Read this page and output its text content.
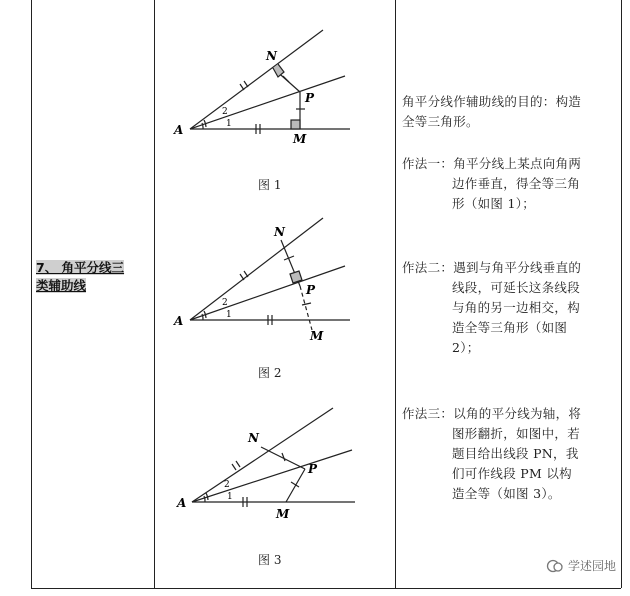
7、 角平分线三
类辅助线
A
N
P
M
1
2
图 1
A
N
P
M
1
2
图 2
A
N
P
M
1
2
图 3
角平分线作辅助线的目的：构造
全等三角形。
作法一：角平分线上某点向角两
边作垂直，得全等三角
形（如图 1）；
作法二：遇到与角平分线垂直的
线段，可延长这条线段
与角的另一边相交，构
造全等三角形（如图
2）；
作法三：以角的平分线为轴，将
图形翻折，如图中，若
题目给出线段 PN，我
们可作线段 PM 以构
造全等（如图 3）。
学述园地
